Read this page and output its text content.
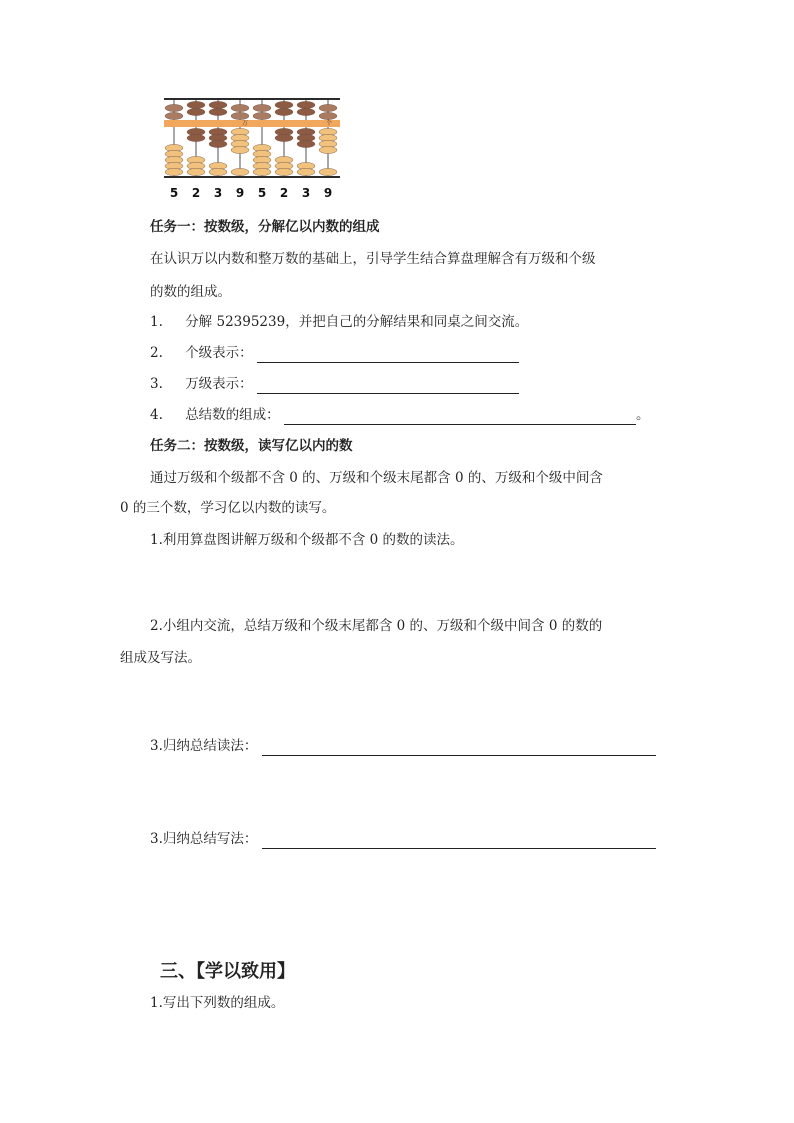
万	个
5 2 3 9 5 2 3 9
任务一：按数级，分解亿以内数的组成
在认识万以内数和整万数的基础上，引导学生结合算盘理解含有万级和个级
的数的组成。
1. 分解 52395239，并把自己的分解结果和同桌之间交流。
2. 个级表示：
3. 万级表示：
4. 总结数的组成：	。
任务二：按数级，读写亿以内的数
通过万级和个级都不含 0 的、万级和个级末尾都含 0 的、万级和个级中间含
0 的三个数，学习亿以内数的读写。
1.利用算盘图讲解万级和个级都不含 0 的数的读法。
2.小组内交流，总结万级和个级末尾都含 0 的、万级和个级中间含 0 的数的
组成及写法。
3.归纳总结读法：
3.归纳总结写法：
三、【学以致用】
1.写出下列数的组成。
